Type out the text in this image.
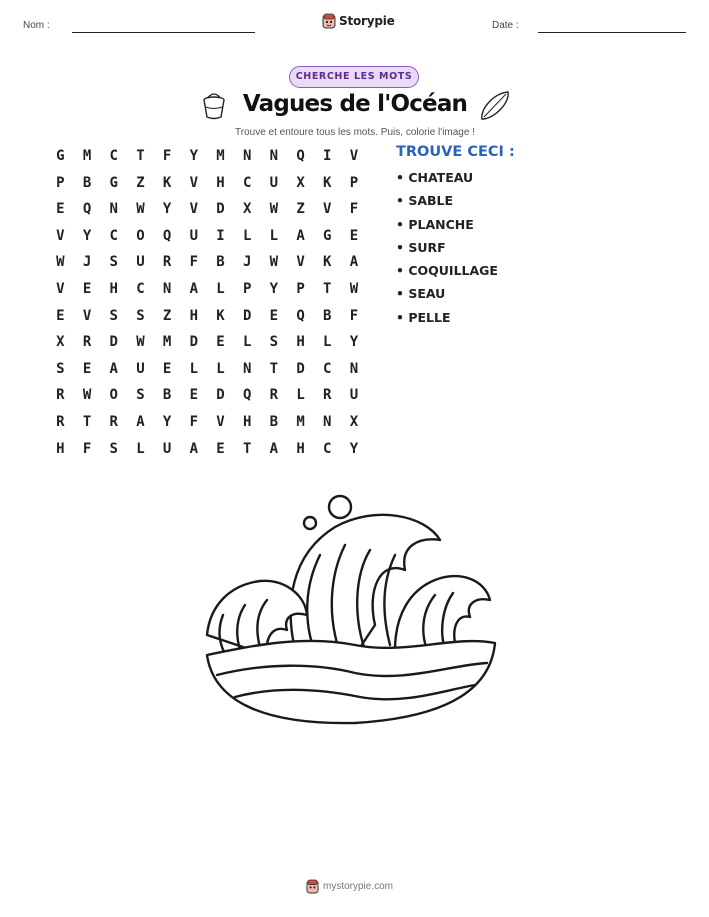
Nom :	Storypie	Date :
CHERCHE LES MOTS
Vagues de l'Océan
Trouve et entoure tous les mots. Puis, colorie l'image !
G	M	C	T	F	Y	M	N	N	Q	I	V
P	B	G	Z	K	V	H	C	U	X	K	P
E	Q	N	W	Y	V	D	X	W	Z	V	F
V	Y	C	O	Q	U	I	L	L	A	G	E
W	J	S	U	R	F	B	J	W	V	K	A
V	E	H	C	N	A	L	P	Y	P	T	W
E	V	S	S	Z	H	K	D	E	Q	B	F
X	R	D	W	M	D	E	L	S	H	L	Y
S	E	A	U	E	L	L	N	T	D	C	N
R	W	O	S	B	E	D	Q	R	L	R	U
R	T	R	A	Y	F	V	H	B	M	N	X
H	F	S	L	U	A	E	T	A	H	C	Y
TROUVE CECI :
• CHATEAU
• SABLE
• PLANCHE
• SURF
• COQUILLAGE
• SEAU
• PELLE
mystorypie.com
